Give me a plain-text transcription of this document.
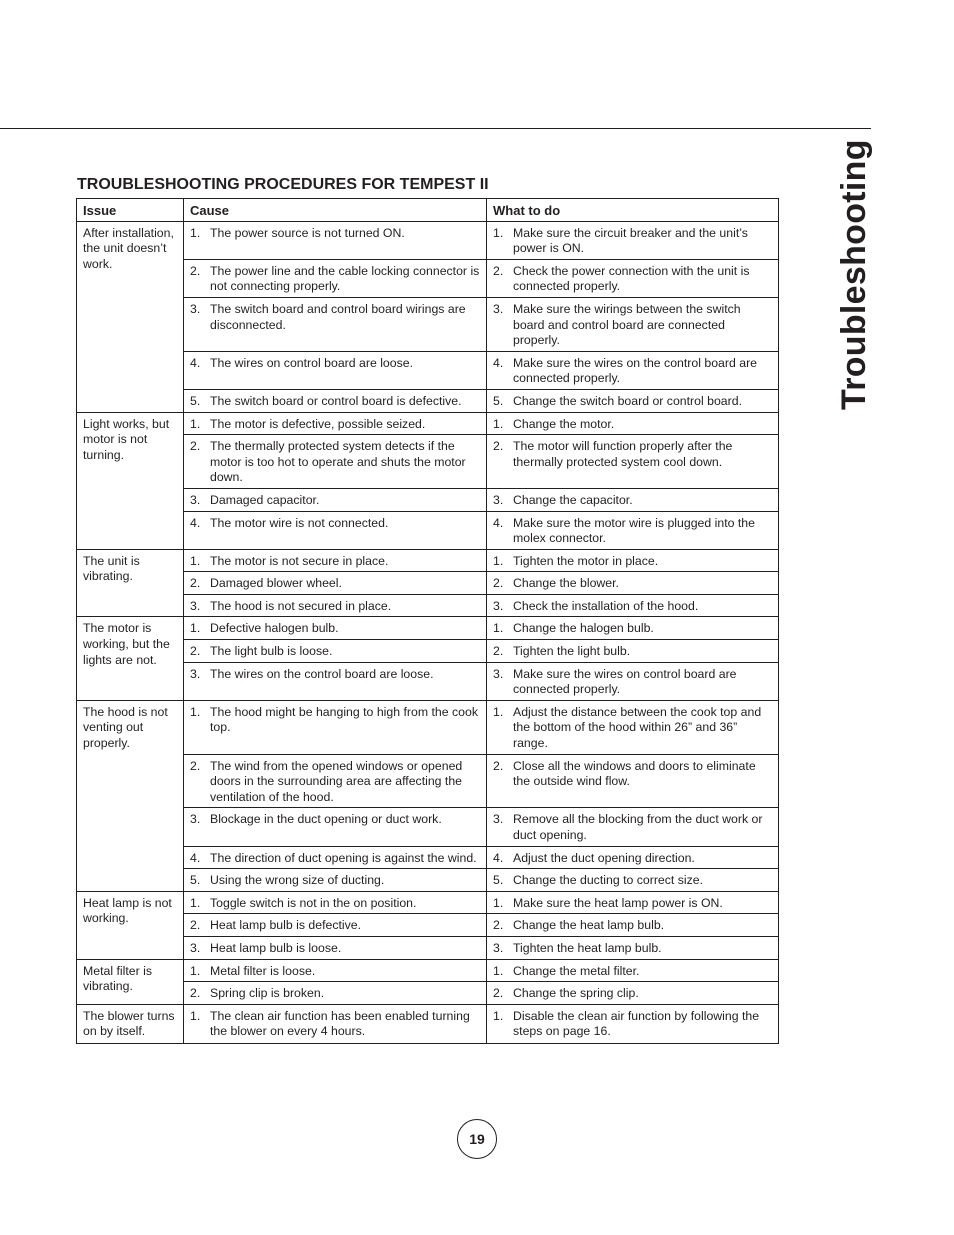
Troubleshooting
TROUBLESHOOTING PROCEDURES FOR TEMPEST II
Issue	Cause	What to do
After installation, the unit doesn’t work.	1. The power source is not turned ON.	1. Make sure the circuit breaker and the unit’s power is ON.

	2. The power line and the cable locking connector is not connecting properly.	2. Check the power connection with the unit is connected properly.

	3. The switch board and control board wirings are disconnected.	3. Make sure the wirings between the switch board and control board are connected properly.

	4. The wires on control board are loose.	4. Make sure the wires on the control board are connected properly.

	5. The switch board or control board is defective.	5. Change the switch board or control board.

Light works, but motor is not turning.	1. The motor is defective, possible seized.	1. Change the motor.

	2. The thermally protected system detects if the motor is too hot to operate and shuts the motor down.	2. The motor will function properly after the thermally protected system cool down.

	3. Damaged capacitor.	3. Change the capacitor.

	4. The motor wire is not connected.	4. Make sure the motor wire is plugged into the molex connector.

The unit is vibrating.	1. The motor is not secure in place.	1. Tighten the motor in place.

	2. Damaged blower wheel.	2. Change the blower.

	3. The hood is not secured in place.	3. Check the installation of the hood.

The motor is working, but the lights are not.	1. Defective halogen bulb.	1. Change the halogen bulb.

	2. The light bulb is loose.	2. Tighten the light bulb.

	3. The wires on the control board are loose.	3. Make sure the wires on control board are connected properly.

The hood is not venting out properly.	1. The hood might be hanging to high from the cook top.	1. Adjust the distance between the cook top and the bottom of the hood within 26” and 36” range.

	2. The wind from the opened windows or opened doors in the surrounding area are affecting the ventilation of the hood.	2. Close all the windows and doors to eliminate the outside wind flow.

	3. Blockage in the duct opening or duct work.	3. Remove all the blocking from the duct work or duct opening.

	4. The direction of duct opening is against the wind.	4. Adjust the duct opening direction.

	5. Using the wrong size of ducting.	5. Change the ducting to correct size.

Heat lamp is not working.	1. Toggle switch is not in the on position.	1. Make sure the heat lamp power is ON.

	2. Heat lamp bulb is defective.	2. Change the heat lamp bulb.

	3. Heat lamp bulb is loose.	3. Tighten the heat lamp bulb.

Metal filter is vibrating.	1. Metal filter is loose.	1. Change the metal filter.

	2. Spring clip is broken.	2. Change the spring clip.

The blower turns on by itself.	1. The clean air function has been enabled turning the blower on every 4 hours.	1. Disable the clean air function by following the steps on page 16.
19
